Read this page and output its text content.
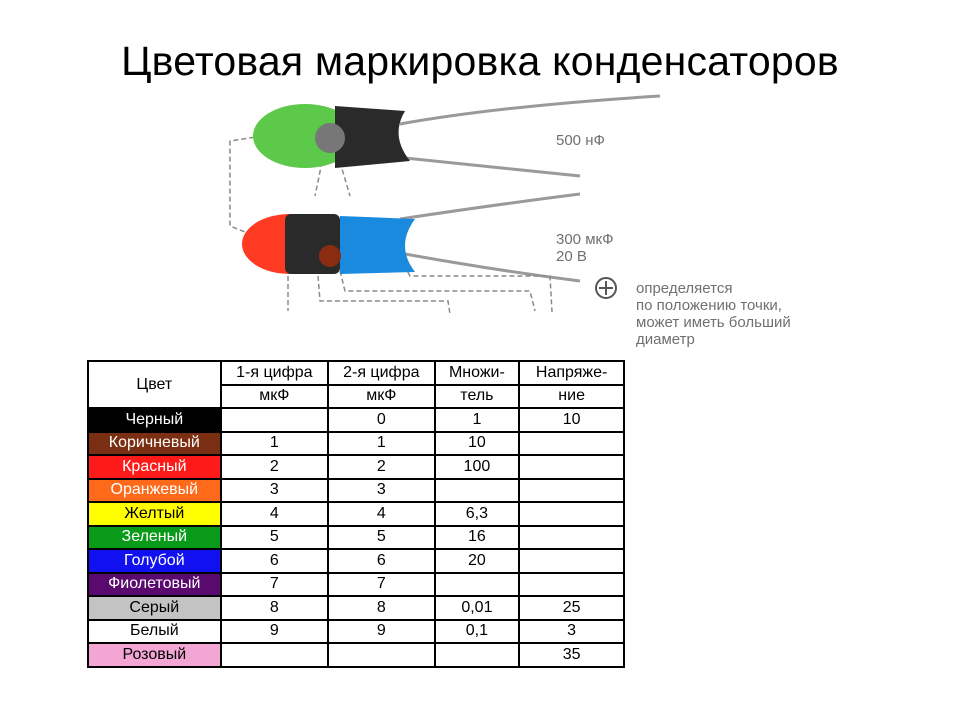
Цветовая маркировка конденсаторов
500 нФ
300 мкФ
20 В
определяется
по положению точки,
может иметь больший
диаметр
Цвет	1-я цифра	2-я цифра	Множи-	Напряже-
	мкФ	мкФ	тель	ние
Черный		0	1	10
Коричневый	1	1	10	
Красный	2	2	100	
Оранжевый	3	3		
Желтый	4	4	6,3	
Зеленый	5	5	16	
Голубой	6	6	20	
Фиолетовый	7	7		
Серый	8	8	0,01	25
Белый	9	9	0,1	3
Розовый				35
